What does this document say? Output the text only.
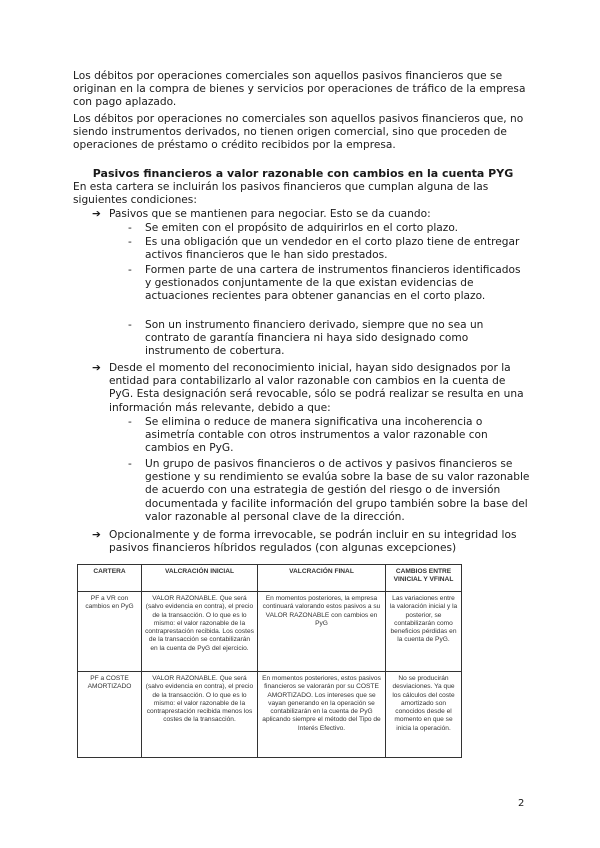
Los débitos por operaciones comerciales son aquellos pasivos financieros que se originan en la compra de bienes y servicios por operaciones de tráfico de la empresa con pago aplazado.

Los débitos por operaciones no comerciales son aquellos pasivos financieros que, no siendo instrumentos derivados, no tienen origen comercial, sino que proceden de operaciones de préstamo o crédito recibidos por la empresa.

Pasivos financieros a valor razonable con cambios en la cuenta PYG

En esta cartera se incluirán los pasivos financieros que cumplan alguna de las siguientes condiciones:

➔ Pasivos que se mantienen para negociar. Esto se da cuando:

- Se emiten con el propósito de adquirirlos en el corto plazo.

- Es una obligación que un vendedor en el corto plazo tiene de entregar activos financieros que le han sido prestados.

- Formen parte de una cartera de instrumentos financieros identificados y gestionados conjuntamente de la que existan evidencias de actuaciones recientes para obtener ganancias en el corto plazo.

- Son un instrumento financiero derivado, siempre que no sea un contrato de garantía financiera ni haya sido designado como instrumento de cobertura.

➔ Desde el momento del reconocimiento inicial, hayan sido designados por la entidad para contabilizarlo al valor razonable con cambios en la cuenta de PyG. Esta designación será revocable, sólo se podrá realizar se resulta en una información más relevante, debido a que:

- Se elimina o reduce de manera significativa una incoherencia o asimetría contable con otros instrumentos a valor razonable con cambios en PyG.

- Un grupo de pasivos financieros o de activos y pasivos financieros se gestione y su rendimiento se evalúa sobre la base de su valor razonable de acuerdo con una estrategia de gestión del riesgo o de inversión documentada y facilite información del grupo también sobre la base del valor razonable al personal clave de la dirección.

➔ Opcionalmente y de forma irrevocable, se podrán incluir en su integridad los pasivos financieros híbridos regulados (con algunas excepciones)

CARTERA	VALCRACIÓN INICIAL	VALCRACIÓN FINAL	CAMBIOS ENTRE VINICIAL Y VFINAL
PF a VR con cambios en PyG	VALOR RAZONABLE. Que será (salvo evidencia en contra), el precio de la transacción. O lo que es lo mismo: el valor razonable de la contraprestación recibida. Los costes de la transacción se contabilizarán en la cuenta de PyG del ejercicio.	En momentos posteriores, la empresa continuará valorando estos pasivos a su VALOR RAZONABLE con cambios en PyG	Las variaciones entre la valoración inicial y la posterior, se contabilizarán como beneficios pérdidas en la cuenta de PyG.
PF a COSTE AMORTIZADO	VALOR RAZONABLE. Que será (salvo evidencia en contra), el precio de la transacción. O lo que es lo mismo: el valor razonable de la contraprestación recibida menos los costes de la transacción.	En momentos posteriores, estos pasivos financieros se valorarán por su COSTE AMORTIZADO. Los intereses que se vayan generando en la operación se contabilizarán en la cuenta de PyG aplicando siempre el método del Tipo de Interés Efectivo.	No se producirán desviaciones. Ya que los cálculos del coste amortizado son conocidos desde el momento en que se inicia la operación.
2
